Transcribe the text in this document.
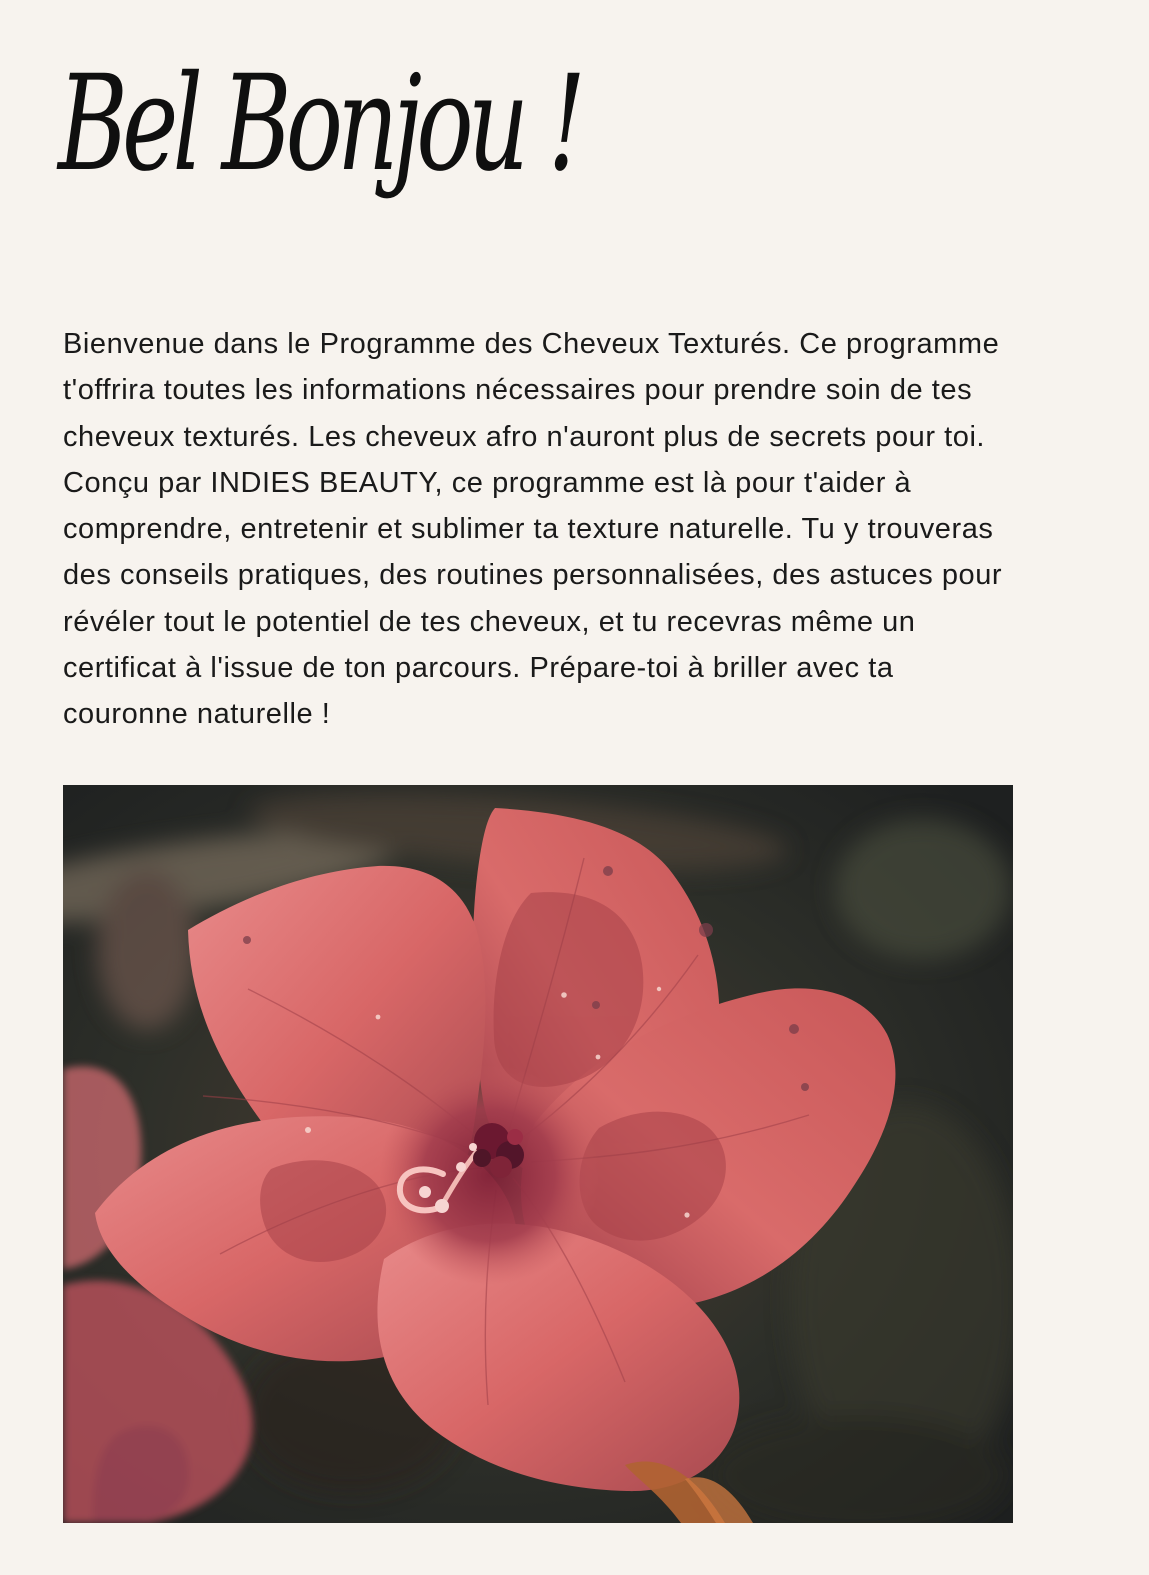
Bel Bonjou !

Bienvenue dans le Programme des Cheveux Texturés. Ce programme t'offrira toutes les informations nécessaires pour prendre soin de tes cheveux texturés. Les cheveux afro n'auront plus de secrets pour toi. Conçu par INDIES BEAUTY, ce programme est là pour t'aider à comprendre, entretenir et sublimer ta texture naturelle. Tu y trouveras des conseils pratiques, des routines personnalisées, des astuces pour révéler tout le potentiel de tes cheveux, et tu recevras même un certificat à l'issue de ton parcours. Prépare-toi à briller avec ta couronne naturelle !
